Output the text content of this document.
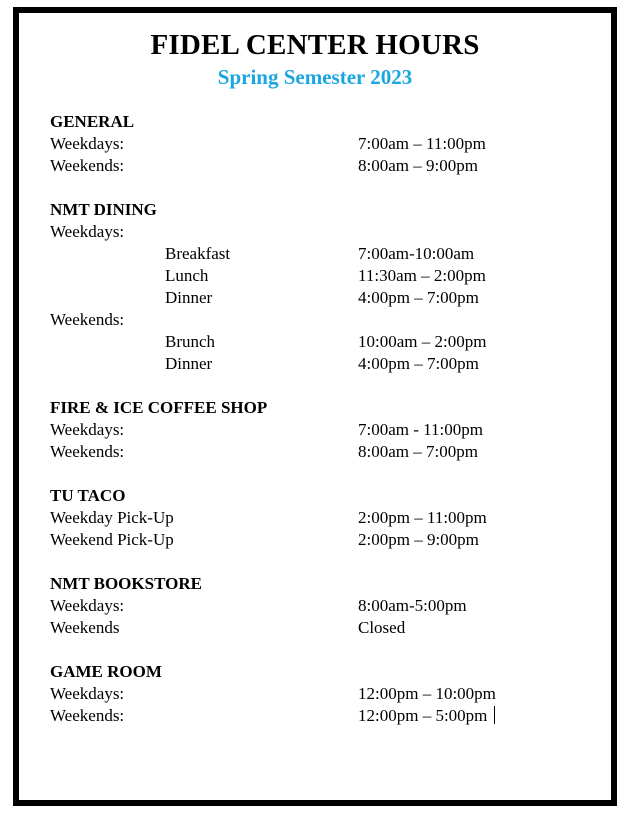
FIDEL CENTER HOURS
Spring Semester 2023
GENERAL
Weekdays:	7:00am – 11:00pm
Weekends:	8:00am – 9:00pm
NMT DINING
Weekdays:
Breakfast	7:00am-10:00am
Lunch	11:30am – 2:00pm
Dinner	4:00pm – 7:00pm
Weekends:
Brunch	10:00am – 2:00pm
Dinner	4:00pm – 7:00pm
FIRE & ICE COFFEE SHOP
Weekdays:	7:00am - 11:00pm
Weekends:	8:00am – 7:00pm
TU TACO
Weekday Pick-Up	2:00pm – 11:00pm
Weekend Pick-Up	2:00pm – 9:00pm
NMT BOOKSTORE
Weekdays:	8:00am-5:00pm
Weekends	Closed
GAME ROOM
Weekdays:	12:00pm – 10:00pm
Weekends:	12:00pm – 5:00pm
